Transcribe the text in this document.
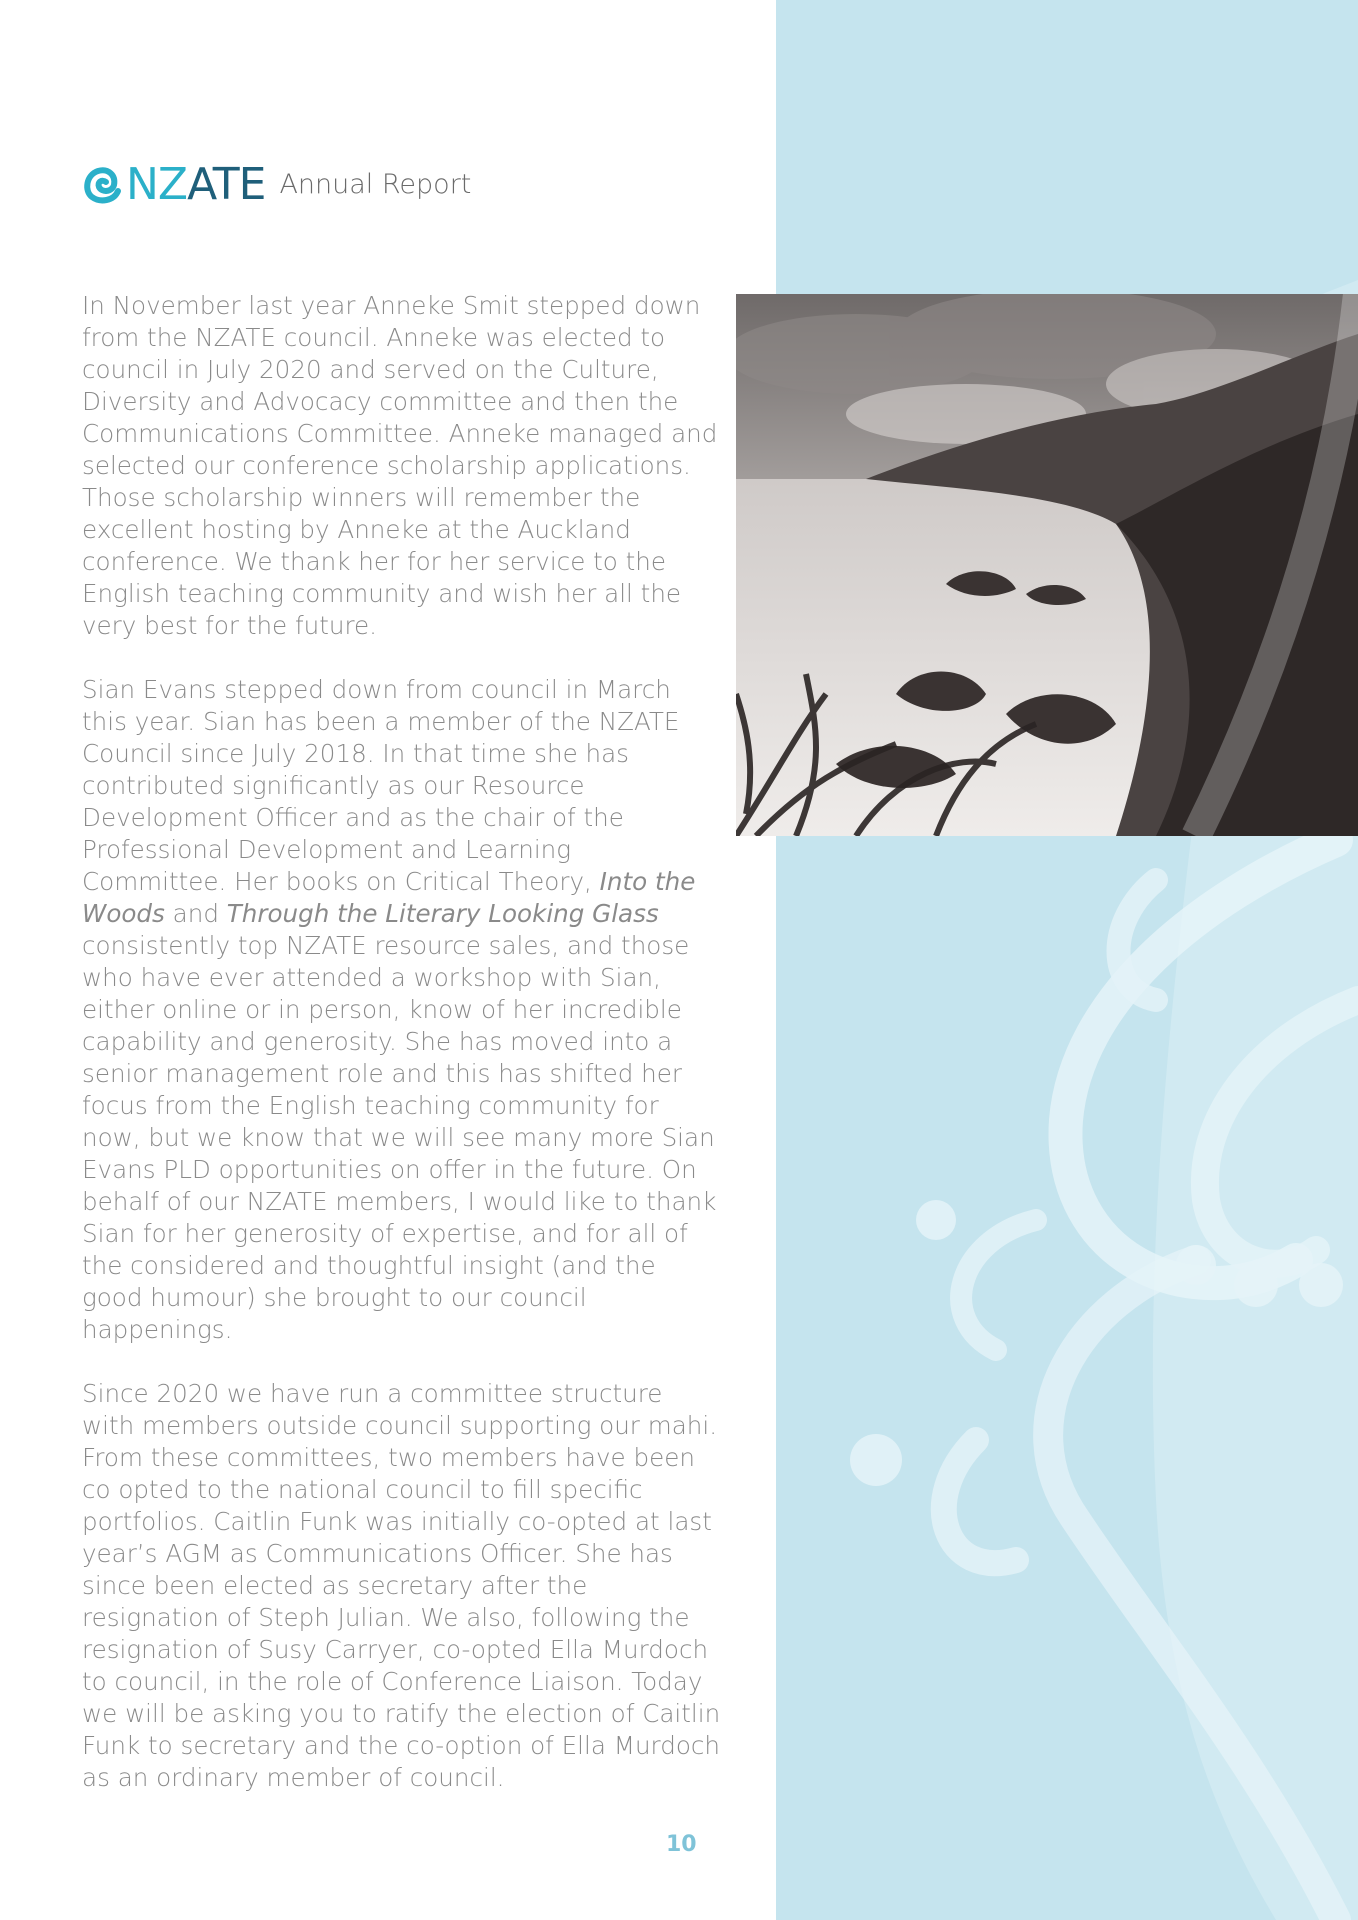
NZATE Annual Report

In November last year Anneke Smit stepped down from the NZATE council. Anneke was elected to council in July 2020 and served on the Culture, Diversity and Advocacy committee and then the Communications Committee. Anneke managed and selected our conference scholarship applications. Those scholarship winners will remember the excellent hosting by Anneke at the Auckland conference. We thank her for her service to the English teaching community and wish her all the very best for the future.

Sian Evans stepped down from council in March this year. Sian has been a member of the NZATE Council since July 2018. In that time she has contributed significantly as our Resource Development Officer and as the chair of the Professional Development and Learning Committee. Her books on Critical Theory, Into the Woods and Through the Literary Looking Glass consistently top NZATE resource sales, and those who have ever attended a workshop with Sian, either online or in person, know of her incredible capability and generosity. She has moved into a senior management role and this has shifted her focus from the English teaching community for now, but we know that we will see many more Sian Evans PLD opportunities on offer in the future. On behalf of our NZATE members, I would like to thank Sian for her generosity of expertise, and for all of the considered and thoughtful insight (and the good humour) she brought to our council happenings.

Since 2020 we have run a committee structure with members outside council supporting our mahi. From these committees, two members have been co opted to the national council to fill specific portfolios. Caitlin Funk was initially co-opted at last year’s AGM as Communications Officer. She has since been elected as secretary after the resignation of Steph Julian. We also, following the resignation of Susy Carryer, co-opted Ella Murdoch to council, in the role of Conference Liaison. Today we will be asking you to ratify the election of Caitlin Funk to secretary and the co-option of Ella Murdoch as an ordinary member of council.

10
